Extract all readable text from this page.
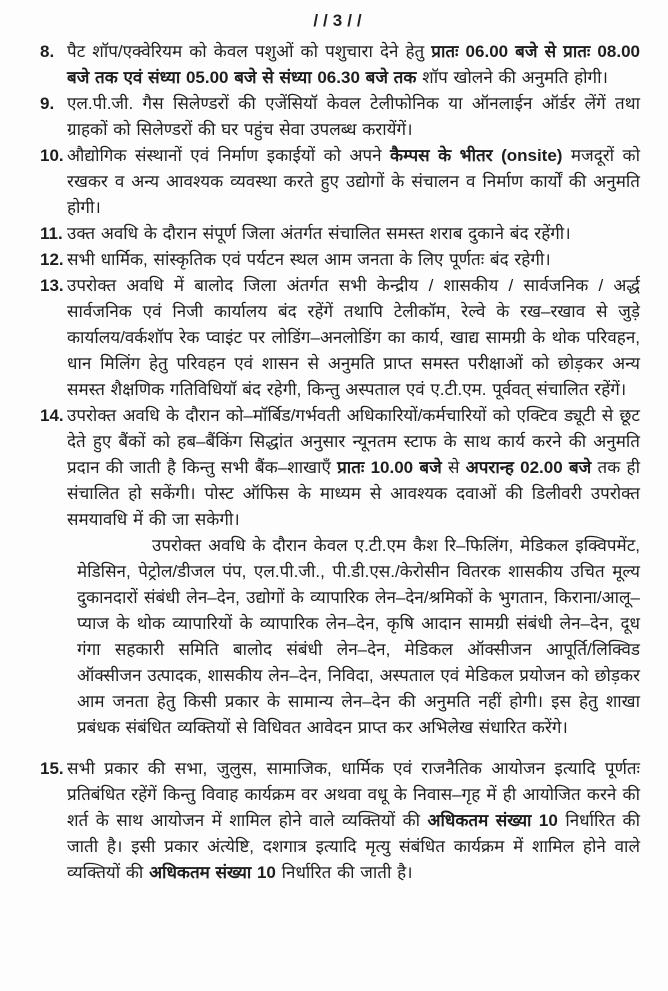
//3//
8. पैट शॉप/एक्वेरियम को केवल पशुओं को पशुचारा देने हेतु प्रातः 06.00 बजे से प्रातः 08.00 बजे तक एवं संध्या 05.00 बजे से संध्या 06.30 बजे तक शॉप खोलने की अनुमति होगी।
9. एल.पी.जी. गैस सिलेण्डरों की एजेंसियॉ केवल टेलीफोनिक या ऑनलाईन ऑर्डर लेंगें तथा ग्राहकों को सिलेण्डरों की घर पहुंच सेवा उपलब्ध करायेंगें।
10. औद्योगिक संस्थानों एवं निर्माण इकाईयों को अपने कैम्पस के भीतर (onsite) मजदूरों को रखकर व अन्य आवश्यक व्यवस्था करते हुए उद्योगों के संचालन व निर्माण कार्यों की अनुमति होगी।
11. उक्त अवधि के दौरान संपूर्ण जिला अंतर्गत संचालित समस्त शराब दुकाने बंद रहेंगी।
12. सभी धार्मिक, सांस्कृतिक एवं पर्यटन स्थल आम जनता के लिए पूर्णतः बंद रहेगी।
13. उपरोक्त अवधि में बालोद जिला अंतर्गत सभी केन्द्रीय / शासकीय / सार्वजनिक / अर्द्ध सार्वजनिक एवं निजी कार्यालय बंद रहेंगें तथापि टेलीकॉम, रेल्वे के रख–रखाव से जुड़े कार्यालय/वर्कशॉप रेक प्वाइंट पर लोडिंग–अनलोडिंग का कार्य, खाद्य सामग्री के थोक परिवहन, धान मिलिंग हेतु परिवहन एवं शासन से अनुमति प्राप्त समस्त परीक्षाओं को छोड़कर अन्य समस्त शैक्षणिक गतिविधियॉ बंद रहेगी, किन्तु अस्पताल एवं ए.टी.एम. पूर्ववत् संचालित रहेंगें।
14. उपरोक्त अवधि के दौरान को–मॉर्बिड/गर्भवती अधिकारियों/कर्मचारियों को एक्टिव ड्यूटी से छूट देते हुए बैंकों को हब–बैंकिंग सिद्धांत अनुसार न्यूनतम स्टाफ के साथ कार्य करने की अनुमति प्रदान की जाती है किन्तु सभी बैंक–शाखाएँ प्रातः 10.00 बजे से अपरान्ह 02.00 बजे तक ही संचालित हो सकेंगी। पोस्ट ऑफिस के माध्यम से आवश्यक दवाओं की डिलीवरी उपरोक्त समयावधि में की जा सकेगी।
उपरोक्त अवधि के दौरान केवल ए.टी.एम कैश रि–फिलिंग, मेडिकल इक्विपमेंट, मेडिसिन, पेट्रोल/डीजल पंप, एल.पी.जी., पी.डी.एस./केरोसीन वितरक शासकीय उचित मूल्य दुकानदारों संबंधी लेन–देन, उद्योगों के व्यापारिक लेन–देन/श्रमिकों के भुगतान, किराना/आलू–प्याज के थोक व्यापारियों के व्यापारिक लेन–देन, कृषि आदान सामग्री संबंधी लेन–देन, दूध गंगा सहकारी समिति बालोद संबंधी लेन–देन, मेडिकल ऑक्सीजन आपूर्ति/लिक्विड ऑक्सीजन उत्पादक, शासकीय लेन–देन, निविदा, अस्पताल एवं मेडिकल प्रयोजन को छोड़कर आम जनता हेतु किसी प्रकार के सामान्य लेन–देन की अनुमति नहीं होगी। इस हेतु शाखा प्रबंधक संबंधित व्यक्तियों से विधिवत आवेदन प्राप्त कर अभिलेख संधारित करेंगे।
15. सभी प्रकार की सभा, जुलुस, सामाजिक, धार्मिक एवं राजनैतिक आयोजन इत्यादि पूर्णतः प्रतिबंधित रहेंगें किन्तु विवाह कार्यक्रम वर अथवा वधू के निवास–गृह में ही आयोजित करने की शर्त के साथ आयोजन में शामिल होने वाले व्यक्तियों की अधिकतम संख्या 10 निर्धारित की जाती है। इसी प्रकार अंत्येष्टि, दशगात्र इत्यादि मृत्यु संबंधित कार्यक्रम में शामिल होने वाले व्यक्तियों की अधिकतम संख्या 10 निर्धारित की जाती है।
